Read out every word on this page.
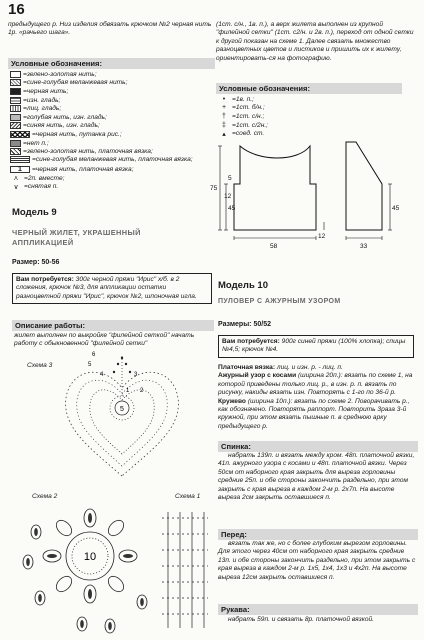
16
предыдущего р. Низ изделия обвязать крючком №2 черная нить 1р. «рачьего шага».
Условные обозначения:
=зелено-золотая нить;
=сине-голубая меланжевая нить;
=черная нить;
=изн. гладь;
=лиц. гладь;
=голубая нить, изн. гладь;
=синяя нить, изн. гладь;
=черная нить, путанка рис.;
=нет п.;
=зелено-золотая нить, платочная вязка;
=сине-голубая меланжевая нить, платочная вязка;
1	=черная нить, платочная вязка;
⋏ =2п. вместе;
∨ =снятая п.
Модель 9
ЧЕРНЫЙ ЖИЛЕТ, УКРАШЕННЫЙ
АППЛИКАЦИЕЙ
Размер: 50-56
Вам потребуется: 300г черной пряжи "Ирис" х/б. в 2 сложения, крючок №3, для аппликации остатки разноцветной пряжи "Ирис", крючок №2, шпоночная игла.
Описание работы:
жилет выполнен по выкройке "филейной сеткой" начать работу с обыкновенной "филейной сетки"
Схема 3
5
6
5
4	3
2
1
Схема 2
10
Схема 1
(1ст. с/н., 1в. п.), а верх жилета выполнен из крупной "филейной сетки" (1ст. с2/н. и 2в. п.), переход от одной сетки к другой показан на схеме 1. Далее связать множество разноцветных цветов и листиков и пришить их к жилету, ориентировать-ся на фотографию.
Условные обозначения:
•	=1в. п.;
+ =1ст. б/н.;
† =1ст. с/н.;
‡ =1ст. с/2н.;
▴ =соед. ст.
12
75
5
45
58
12
45
33
Модель 10
ПУЛОВЕР С АЖУРНЫМ УЗОРОМ
Размеры: 50/52
Вам потребуется: 900г синей пряжи (100% хлопка); спицы №4,5; крючок №4.
Платочная вязка: лиц. и изн. р. - лиц. п.
Ажурный узор с косами (ширина 20п.): вязать по схеме 1, на которой приведены только лиц. р., в изн. р. п. вязать по рисунку, накиды вязать изн. Повторять с 1-го по 36-й р.
Кружево (ширина 10п.): вязать по схеме 2. Поворачивать р., как обозначено. Повторять раппорт. Повторить 3раза 3-й кружной, при этом вязать пышные п. в среднюю арку предыдущего р.
Спинка:
набрать 139п. и вязать между кром. 48п. платочной вязки, 41п. ажурного узора с косами и 48п. платочной вязки. Через 50см от наборного края закрыть для выреза горловины средние 25п. и обе стороны закончить раздельно, при этом закрыть с края выреза в каждом 2-м р. 2х7п. На высоте выреза 2см закрыть оставшиеся п.
Перед:
вязать так же, но с более глубоким вырезом горловины. Для этого через 40см от наборного края закрыть средние 13п. и обе стороны закончить раздельно, при этом закрыть с края выреза в каждом 2-м р. 1х5, 1х4, 1х3 и 4х2п. На высоте выреза 12см закрыть оставшиеся п.
Рукава:
набрать 59п. и связать 8р. платочной вязкой.
